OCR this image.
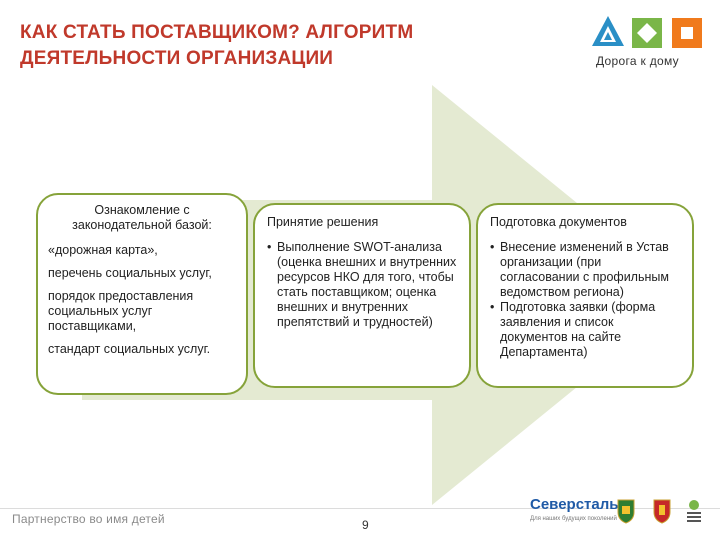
КАК СТАТЬ ПОСТАВЩИКОМ? АЛГОРИТМ
ДЕЯТЕЛЬНОСТИ ОРГАНИЗАЦИИ	Дорога к дому

Ознакомление с законодательной базой:

«дорожная карта»,

перечень социальных услуг,

порядок предоставления социальных услуг поставщиками,

стандарт социальных услуг.

Принятие решения

• Выполнение SWOT-анализа (оценка внешних и внутренних ресурсов НКО для того, чтобы стать поставщиком; оценка внешних и внутренних препятствий и трудностей)

Подготовка документов

• Внесение изменений в Устав организации (при согласовании с профильным ведомством региона)
• Подготовка заявки (форма заявления и список документов на сайте Департамента)
Партнерство во имя детей	9
Северсталь
Для наших будущих поколений
